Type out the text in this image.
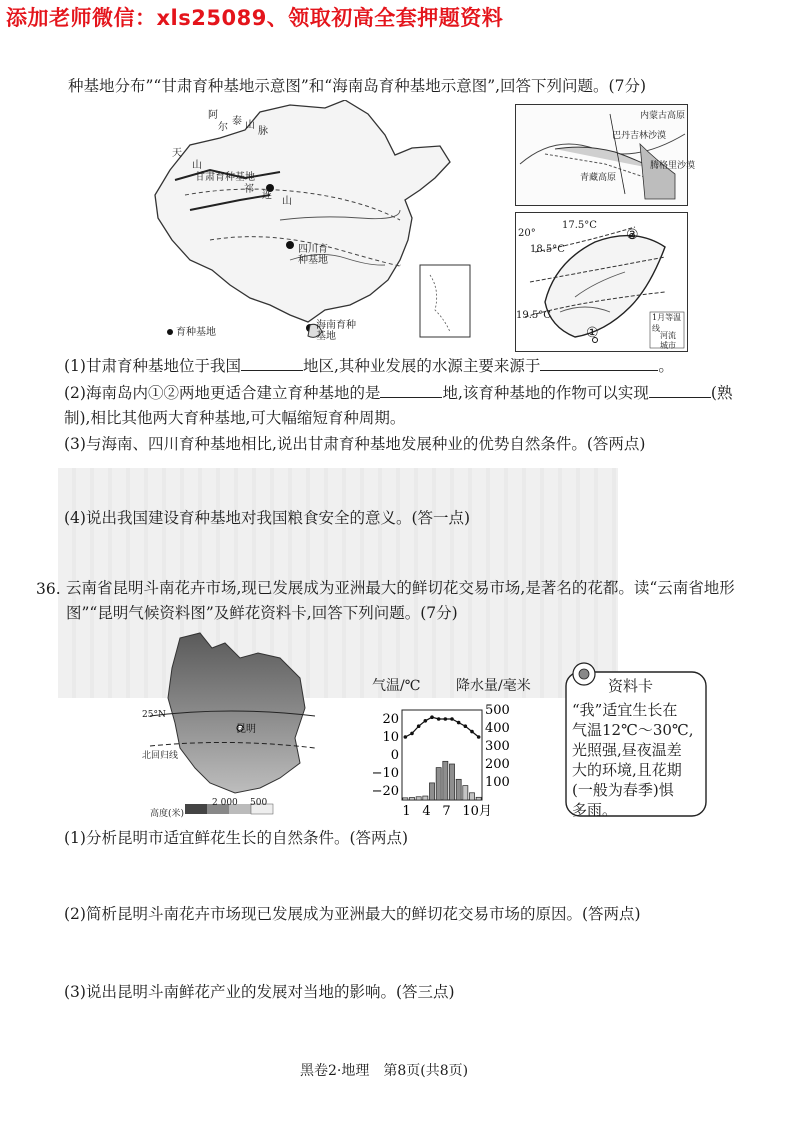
添加老师微信：xls25089、领取初高全套押题资料
种基地分布”“甘肃育种基地示意图”和“海南岛育种基地示意图”,回答下列问题。(7分)
阿
尔
泰 山
脉
天
山
甘肃育种基地
祁
连
山
四川育种基地
海南育种基地
育种基地
内蒙古高原
巴丹吉林沙漠
腾格里沙漠
青藏高原
20°
17.5°C
18.5°C
19.5°C
②
①
1月等温线
河流
城市
(1)甘肃育种基地位于我国	地区,其种业发展的水源主要来源于	。
(2)海南岛内①②两地更适合建立育种基地的是	地,该育种基地的作物可以实现	(熟
制),相比其他两大育种基地,可大幅缩短育种周期。
(3)与海南、四川育种基地相比,说出甘肃育种基地发展种业的优势自然条件。(答两点)
(4)说出我国建设育种基地对我国粮食安全的意义。(答一点)
36. 云南省昆明斗南花卉市场,现已发展成为亚洲最大的鲜切花交易市场,是著名的花都。读“云南省地形
图”“昆明气候资料图”及鲜花资料卡,回答下列问题。(7分)
25°N
北回归线
昆明
高度(米)
2 000 500
20
10
0
−10
−20
500
400
300
200
100
1 4 7 10月
气温/℃	降水量/毫米	资料卡
“我”适宜生长在
气温12℃～30℃,
光照强,昼夜温差
大的环境,且花期
(一般为春季)惧
多雨。
(1)分析昆明市适宜鲜花生长的自然条件。(答两点)
(2)简析昆明斗南花卉市场现已发展成为亚洲最大的鲜切花交易市场的原因。(答两点)
(3)说出昆明斗南鲜花产业的发展对当地的影响。(答三点)
黑卷2·地理　第8页(共8页)
